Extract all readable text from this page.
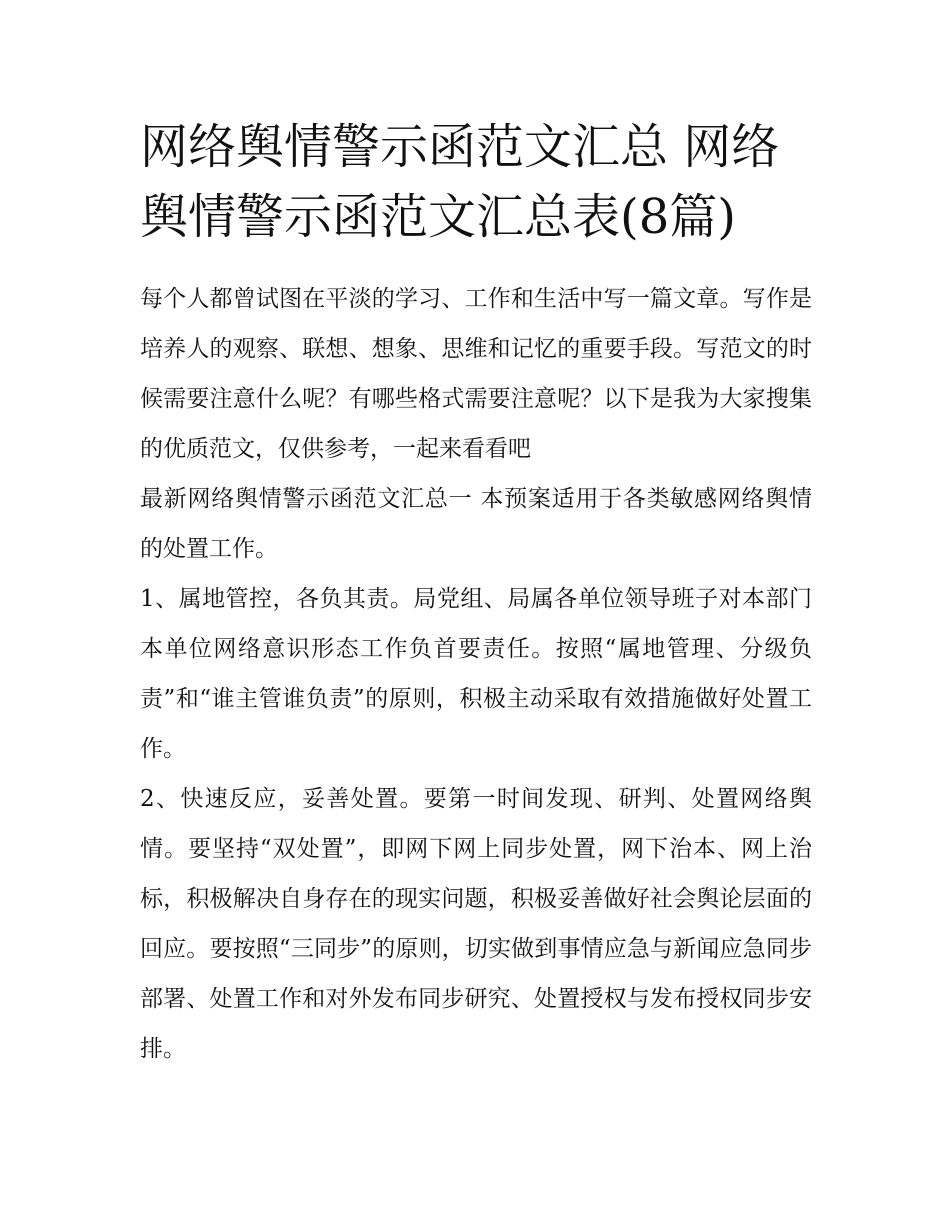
网络舆情警示函范文汇总 网络舆情警示函范文汇总表(8篇)

每个人都曾试图在平淡的学习、工作和生活中写一篇文章。写作是培养人的观察、联想、想象、思维和记忆的重要手段。写范文的时候需要注意什么呢？有哪些格式需要注意呢？以下是我为大家搜集的优质范文，仅供参考，一起来看看吧

最新网络舆情警示函范文汇总一 本预案适用于各类敏感网络舆情的处置工作。

1、属地管控，各负其责。局党组、局属各单位领导班子对本部门本单位网络意识形态工作负首要责任。按照“属地管理、分级负责”和“谁主管谁负责”的原则，积极主动采取有效措施做好处置工作。

2、快速反应，妥善处置。要第一时间发现、研判、处置网络舆情。要坚持“双处置”，即网下网上同步处置，网下治本、网上治标，积极解决自身存在的现实问题，积极妥善做好社会舆论层面的回应。要按照“三同步”的原则，切实做到事情应急与新闻应急同步部署、处置工作和对外发布同步研究、处置授权与发布授权同步安排。
